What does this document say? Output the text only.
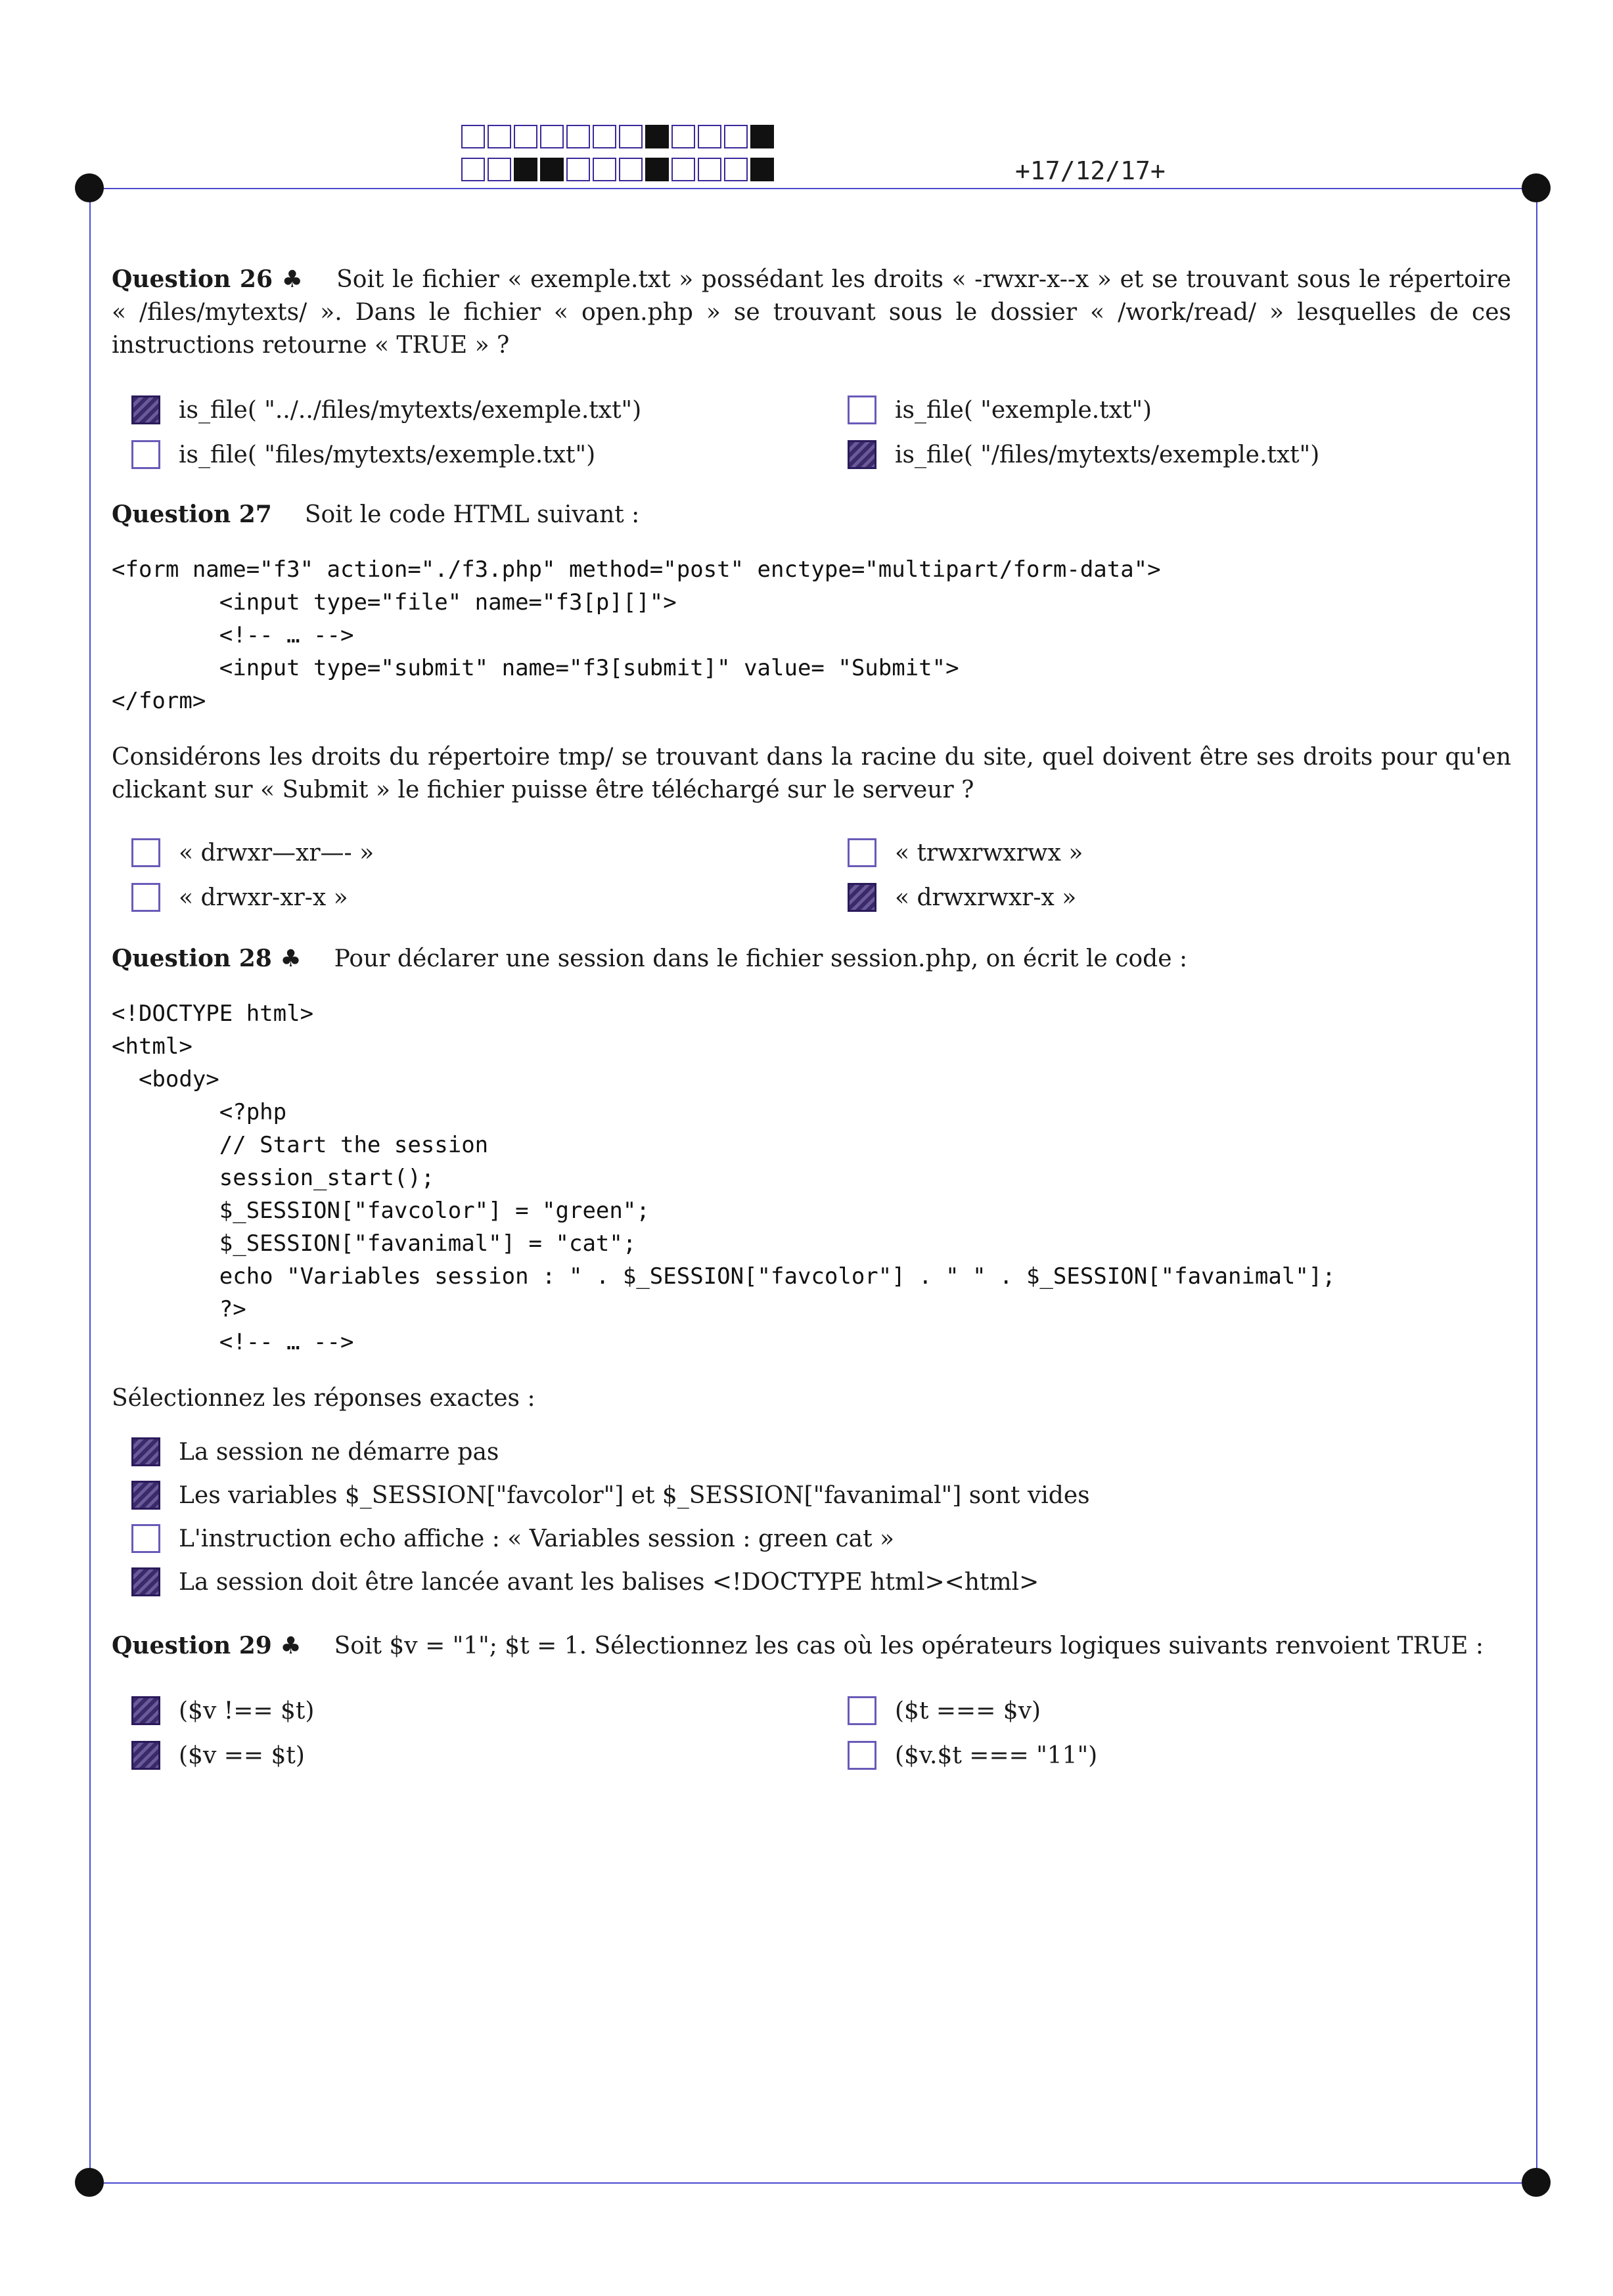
+17/12/17+
Question 26 ♣ Soit le fichier « exemple.txt » possédant les droits « -rwxr-x--x » et se trouvant sous le répertoire « /files/mytexts/ ». Dans le fichier « open.php » se trouvant sous le dossier « /work/read/ » lesquelles de ces instructions retourne « TRUE » ?
is_file( "../../files/mytexts/exemple.txt")	is_file( "exemple.txt")
is_file( "files/mytexts/exemple.txt")	is_file( "/files/mytexts/exemple.txt")
Question 27 Soit le code HTML suivant :
<form name="f3" action="./f3.php" method="post" enctype="multipart/form-data">
<input type="file" name="f3[p][]">
<!-- … -->
<input type="submit" name="f3[submit]" value= "Submit">
</form>
Considérons les droits du répertoire tmp/ se trouvant dans la racine du site, quel doivent être ses droits pour qu'en clickant sur « Submit » le fichier puisse être téléchargé sur le serveur ?
« drwxr—xr—- »	« trwxrwxrwx »
« drwxr-xr-x »	« drwxrwxr-x »
Question 28 ♣ Pour déclarer une session dans le fichier session.php, on écrit le code :
<!DOCTYPE html>
<html>
<body>
<?php
// Start the session
session_start();
$_SESSION["favcolor"] = "green";
$_SESSION["favanimal"] = "cat";
echo "Variables session : " . $_SESSION["favcolor"] . " " . $_SESSION["favanimal"];
?>
<!-- … -->
Sélectionnez les réponses exactes :
La session ne démarre pas
Les variables $_SESSION["favcolor"] et $_SESSION["favanimal"] sont vides
L'instruction echo affiche : « Variables session : green cat »
La session doit être lancée avant les balises <!DOCTYPE html><html>
Question 29 ♣ Soit $v = "1"; $t = 1. Sélectionnez les cas où les opérateurs logiques suivants renvoient TRUE :
($v !== $t)	($t === $v)
($v == $t)	($v.$t === "11")
